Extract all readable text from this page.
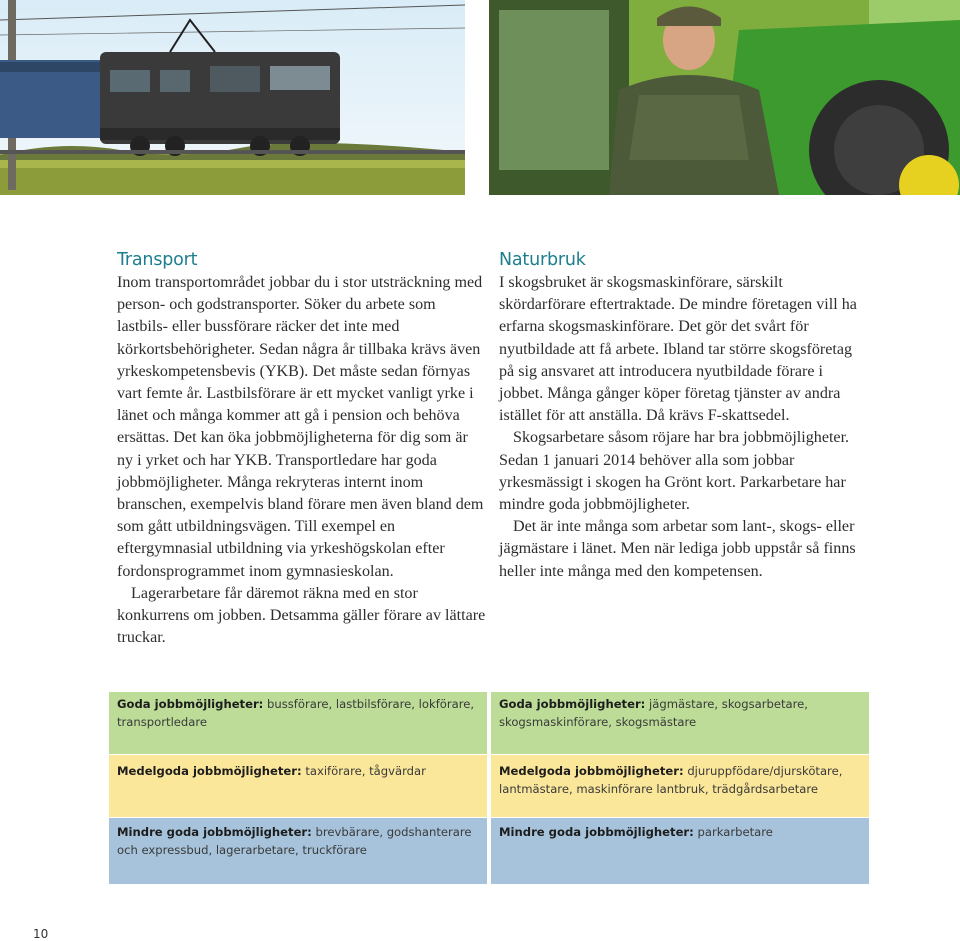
Transport

Inom transportområdet jobbar du i stor utsträckning med person- och godstransporter. Söker du arbete som lastbils- eller bussförare räcker det inte med körkortsbehörigheter. Sedan några år tillbaka krävs även yrkeskompetensbevis (YKB). Det måste sedan förnyas vart femte år. Lastbilsförare är ett mycket vanligt yrke i länet och många kommer att gå i pension och behöva ersättas. Det kan öka jobbmöjligheterna för dig som är ny i yrket och har YKB. Transportledare har goda jobbmöjligheter. Många rekryteras internt inom branschen, exempelvis bland förare men även bland dem som gått utbildningsvägen. Till exempel en eftergymnasial utbildning via yrkeshögskolan efter fordonsprogrammet inom gymnasieskolan.

Lagerarbetare får däremot räkna med en stor konkurrens om jobben. Detsamma gäller förare av lättare truckar.

Naturbruk

I skogsbruket är skogsmaskinförare, särskilt skördarförare eftertraktade. De mindre företagen vill ha erfarna skogsmaskinförare. Det gör det svårt för nyutbildade att få arbete. Ibland tar större skogsföretag på sig ansvaret att introducera nyutbildade förare i jobbet. Många gånger köper företag tjänster av andra istället för att anställa. Då krävs F-skattsedel.

Skogsarbetare såsom röjare har bra jobbmöjligheter. Sedan 1 januari 2014 behöver alla som jobbar yrkesmässigt i skogen ha Grönt kort. Parkarbetare har mindre goda jobbmöjligheter.

Det är inte många som arbetar som lant-, skogs- eller jägmästare i länet. Men när lediga jobb uppstår så finns heller inte många med den kompetensen.

Goda jobbmöjligheter: bussförare, lastbilsförare, lokförare, transportledare
Medelgoda jobbmöjligheter: taxiförare, tågvärdar
Mindre goda jobbmöjligheter: brevbärare, godshanterare och expressbud, lagerarbetare, truckförare
Goda jobbmöjligheter: jägmästare, skogsarbetare, skogsmaskinförare, skogsmästare
Medelgoda jobbmöjligheter: djuruppfödare/djurskötare, lantmästare, maskinförare lantbruk, trädgårdsarbetare
Mindre goda jobbmöjligheter: parkarbetare
10
